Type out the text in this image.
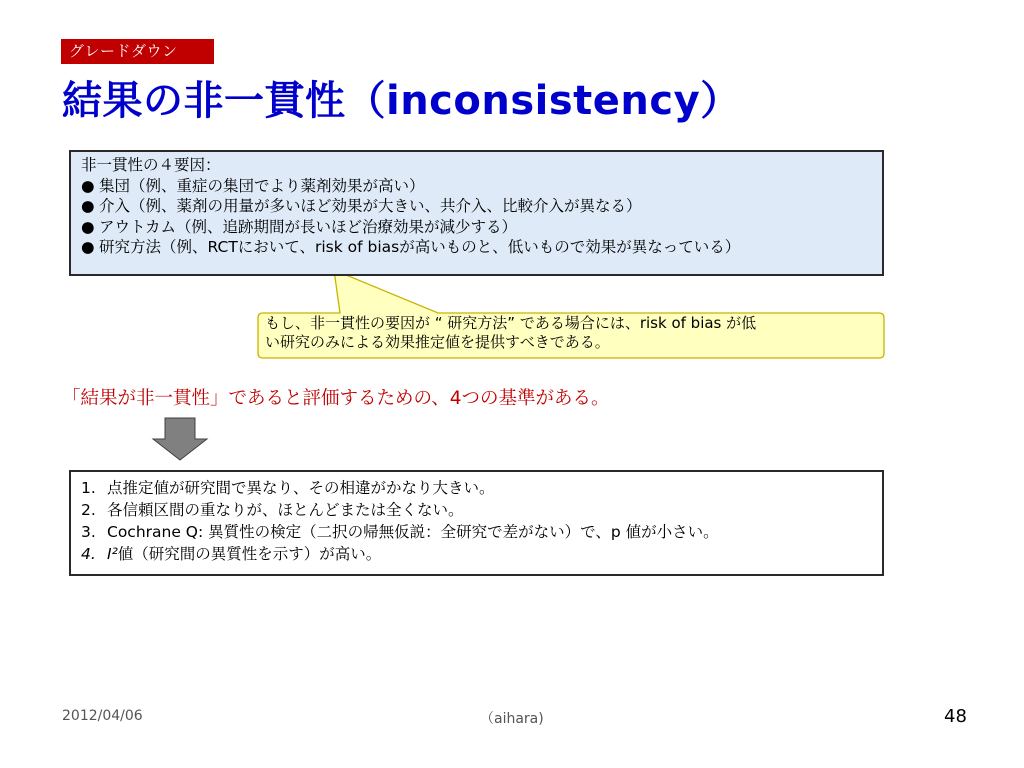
グレードダウン
結果の非一貫性（inconsistency）
非一貫性の４要因：
● 集団（例、重症の集団でより薬剤効果が高い）
● 介入（例、薬剤の用量が多いほど効果が大きい、共介入、比較介入が異なる）
● アウトカム（例、追跡期間が長いほど治療効果が減少する）
● 研究方法（例、RCTにおいて、risk of biasが高いものと、低いもので効果が異なっている）
もし、非一貫性の要因が “ 研究方法” である場合には、risk of bias が低
い研究のみによる効果推定値を提供すべきである。

「結果が非一貫性」であると評価するための、4つの基準がある。

1. 点推定値が研究間で異なり、その相違がかなり大きい。
2. 各信頼区間の重なりが、ほとんどまたは全くない。
3. Cochrane Q: 異質性の検定（二択の帰無仮説：全研究で差がない）で、p 値が小さい。
4. I²値（研究間の異質性を示す）が高い。
2012/04/06	（aihara)	48
